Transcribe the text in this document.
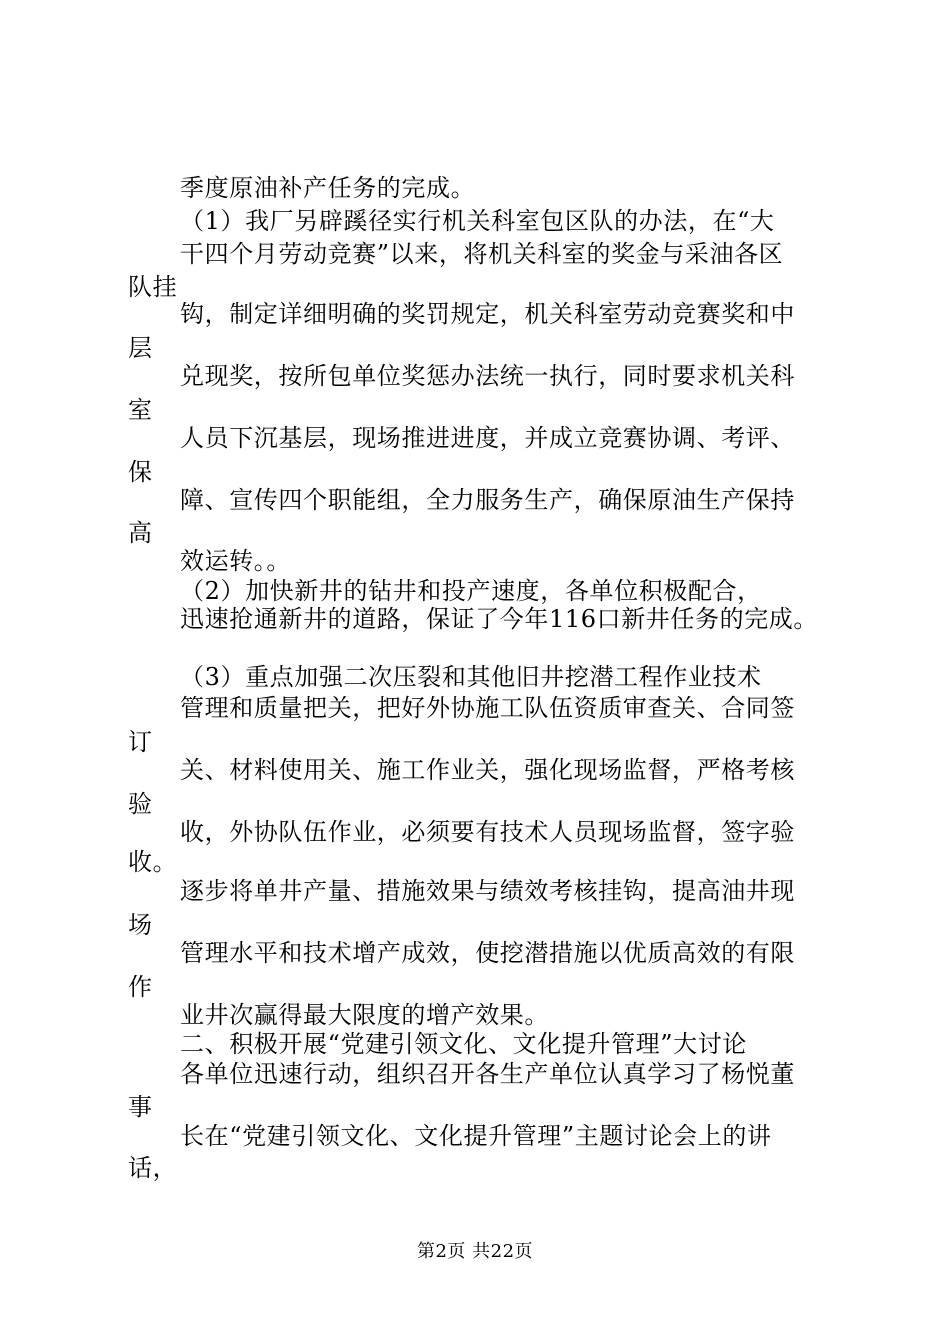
季度原油补产任务的完成。
（1）我厂另辟蹊径实行机关科室包区队的办法，在“大
干四个月劳动竞赛”以来，将机关科室的奖金与采油各区
队挂
钩，制定详细明确的奖罚规定，机关科室劳动竞赛奖和中
层
兑现奖，按所包单位奖惩办法统一执行，同时要求机关科
室
人员下沉基层，现场推进进度，并成立竞赛协调、考评、
保
障、宣传四个职能组，全力服务生产，确保原油生产保持
高
效运转。。
（2）加快新井的钻井和投产速度，各单位积极配合，
迅速抢通新井的道路，保证了今年116口新井任务的完成。
（3）重点加强二次压裂和其他旧井挖潜工程作业技术
管理和质量把关，把好外协施工队伍资质审查关、合同签
订
关、材料使用关、施工作业关，强化现场监督，严格考核
验
收，外协队伍作业，必须要有技术人员现场监督，签字验
收。
逐步将单井产量、措施效果与绩效考核挂钩，提高油井现
场
管理水平和技术增产成效，使挖潜措施以优质高效的有限
作
业井次赢得最大限度的增产效果。
二、积极开展“党建引领文化、文化提升管理”大讨论
各单位迅速行动，组织召开各生产单位认真学习了杨悦董
事
长在“党建引领文化、文化提升管理”主题讨论会上的讲
话，
第2页 共22页
